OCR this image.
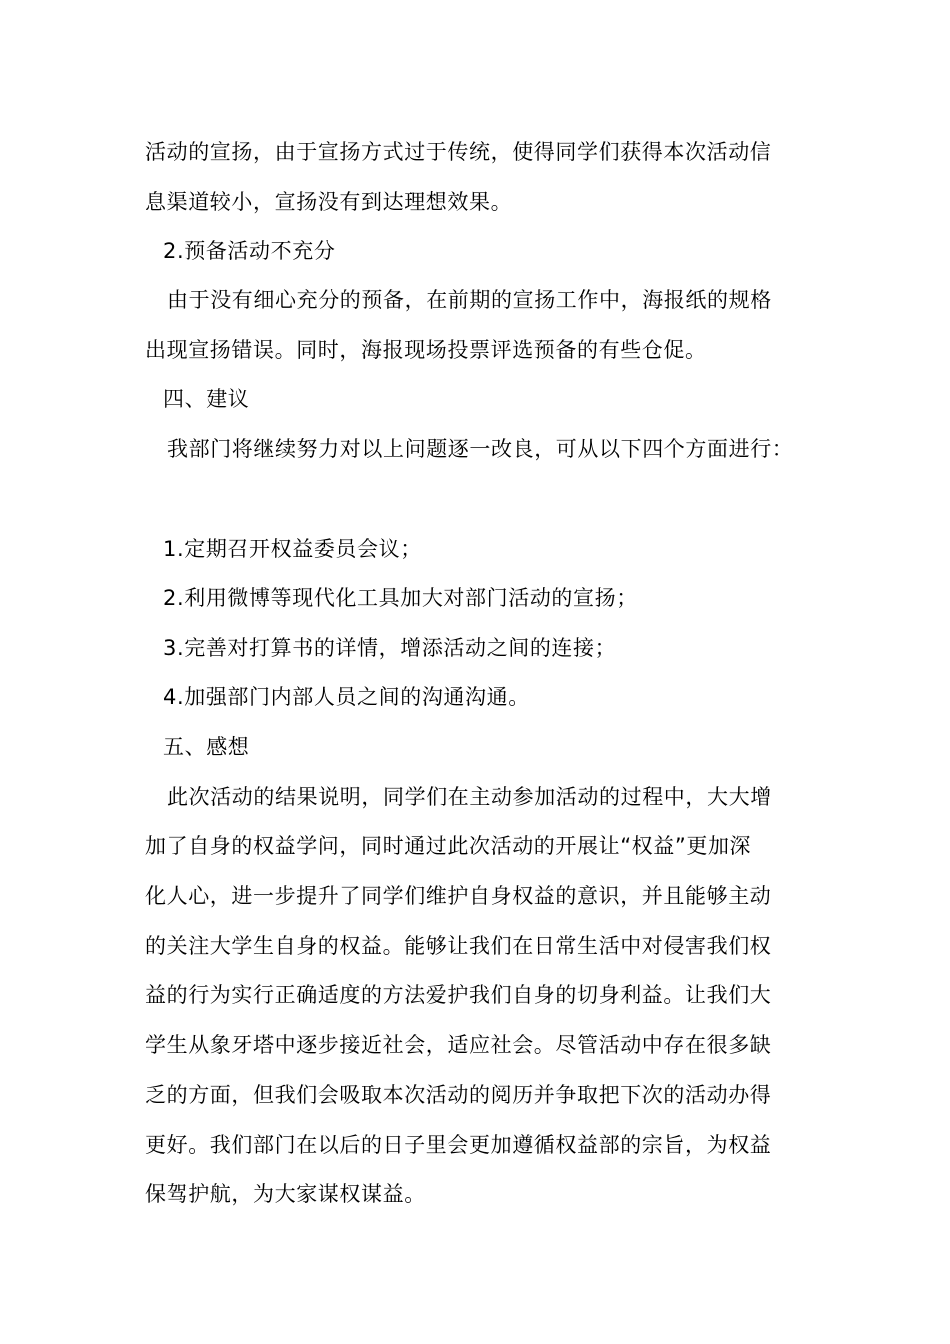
活动的宣扬，由于宣扬方式过于传统，使得同学们获得本次活动信
息渠道较小，宣扬没有到达理想效果。
2.预备活动不充分
由于没有细心充分的预备，在前期的宣扬工作中，海报纸的规格
出现宣扬错误。同时，海报现场投票评选预备的有些仓促。
四、建议
我部门将继续努力对以上问题逐一改良，可从以下四个方面进行：
1.定期召开权益委员会议；
2.利用微博等现代化工具加大对部门活动的宣扬；
3.完善对打算书的详情，增添活动之间的连接；
4.加强部门内部人员之间的沟通沟通。
五、感想
此次活动的结果说明，同学们在主动参加活动的过程中，大大增
加了自身的权益学问，同时通过此次活动的开展让“权益”更加深
化人心，进一步提升了同学们维护自身权益的意识，并且能够主动
的关注大学生自身的权益。能够让我们在日常生活中对侵害我们权
益的行为实行正确适度的方法爱护我们自身的切身利益。让我们大
学生从象牙塔中逐步接近社会，适应社会。尽管活动中存在很多缺
乏的方面，但我们会吸取本次活动的阅历并争取把下次的活动办得
更好。我们部门在以后的日子里会更加遵循权益部的宗旨，为权益
保驾护航，为大家谋权谋益。
